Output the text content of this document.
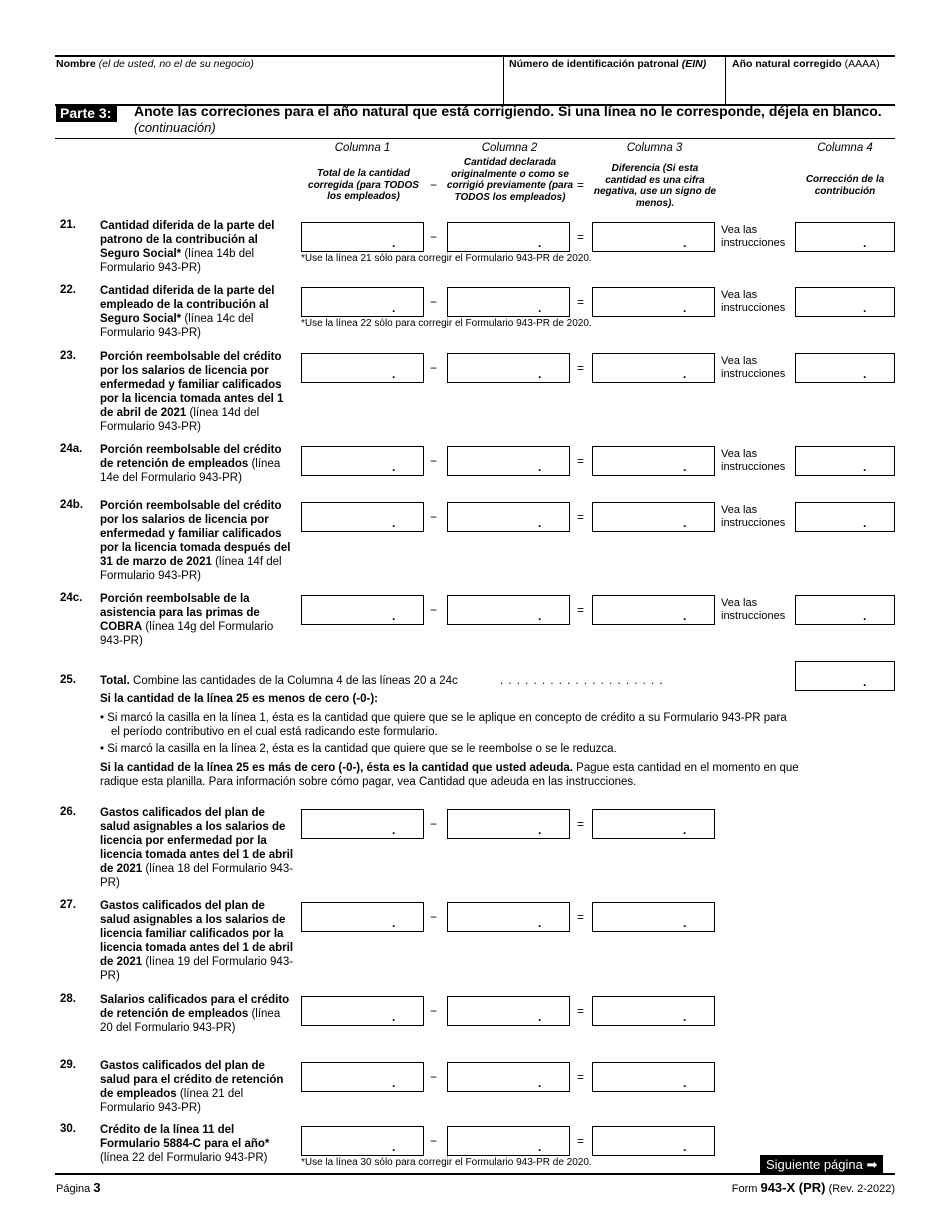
Nombre (el de usted, no el de su negocio)	Número de identificación patronal (EIN) Año natural corregido (AAAA)
Parte 3:	Anote las correciones para el año natural que está corrigiendo. Si una línea no le corresponde, déjela en blanco.
(continuación)
Columna 1	Columna 2	Columna 3	Columna 4
Total de la cantidad corregida (para TODOS los empleados)
−
Cantidad declarada originalmente o como se corrigió previamente (para TODOS los empleados)
=
Diferencia (Si esta cantidad es una cifra negativa, use un signo de menos).
Corrección de la contribución
21. Cantidad diferida de la parte del patrono de la contribución al Seguro Social* (línea 14b del Formulario 943-PR)
.	−	.	=	.
Vea las instrucciones	.
*Use la línea 21 sólo para corregir el Formulario 943-PR de 2020.
22. Cantidad diferida de la parte del empleado de la contribución al Seguro Social* (línea 14c del Formulario 943-PR)
.	−	.	=	.
Vea las instrucciones	.
*Use la línea 22 sólo para corregir el Formulario 943-PR de 2020.
23. Porción reembolsable del crédito por los salarios de licencia por enfermedad y familiar calificados por la licencia tomada antes del 1 de abril de 2021 (línea 14d del Formulario 943-PR)
.	−	.	=	.
Vea las instrucciones	.
24a. Porción reembolsable del crédito de retención de empleados (línea 14e del Formulario 943-PR)
.	−	.	=	.
Vea las instrucciones	.
24b. Porción reembolsable del crédito por los salarios de licencia por enfermedad y familiar calificados por la licencia tomada después del 31 de marzo de 2021 (línea 14f del Formulario 943-PR)
.	−	.	=	.
Vea las instrucciones	.
24c. Porción reembolsable de la asistencia para las primas de COBRA (línea 14g del Formulario 943-PR)
.	−	.	=	.
Vea las instrucciones	.
26. Gastos calificados del plan de salud asignables a los salarios de licencia por enfermedad por la licencia tomada antes del 1 de abril de 2021 (línea 18 del Formulario 943-PR)
.	−	.	=	.
27. Gastos calificados del plan de salud asignables a los salarios de licencia familiar calificados por la licencia tomada antes del 1 de abril de 2021 (línea 19 del Formulario 943-PR)
.	−	.	=	.
28. Salarios calificados para el crédito de retención de empleados (línea 20 del Formulario 943-PR)
.	−	.	=	.
29. Gastos calificados del plan de salud para el crédito de retención de empleados (línea 21 del Formulario 943-PR)
.	−	.	=	.
30. Crédito de la línea 11 del Formulario 5884-C para el año* (línea 22 del Formulario 943-PR)
.	−	.	=	.
*Use la línea 30 sólo para corregir el Formulario 943-PR de 2020.
25. Total. Combine las cantidades de la Columna 4 de las líneas 20 a 24c	. . . . . . . . . . . . . . . . . . . .	.
Si la cantidad de la línea 25 es menos de cero (-0-):
• Si marcó la casilla en la línea 1, ésta es la cantidad que quiere que se le aplique en concepto de crédito a su Formulario 943-PR para el período contributivo en el cual está radicando este formulario.
• Si marcó la casilla en la línea 2, ésta es la cantidad que quiere que se le reembolse o se le reduzca.
Si la cantidad de la línea 25 es más de cero (-0-), ésta es la cantidad que usted adeuda. Pague esta cantidad en el momento en que radique esta planilla. Para información sobre cómo pagar, vea Cantidad que adeuda en las instrucciones.
Siguiente página ➡
Página 3	Form 943-X (PR) (Rev. 2-2022)
